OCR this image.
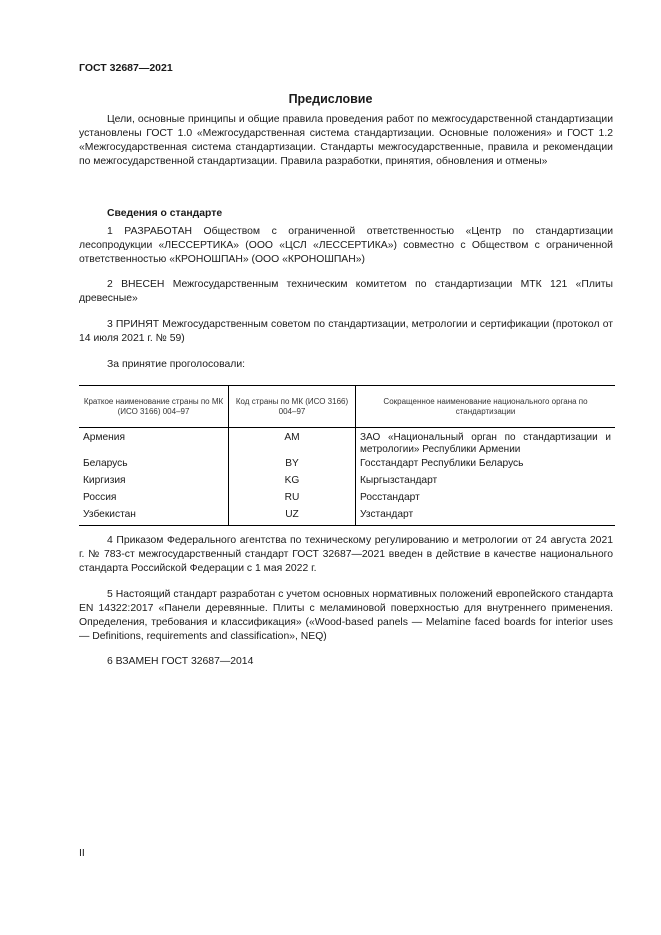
ГОСТ 32687—2021
Предисловие
Цели, основные принципы и общие правила проведения работ по межгосударственной стандартизации установлены ГОСТ 1.0 «Межгосударственная система стандартизации. Основные положения» и ГОСТ 1.2 «Межгосударственная система стандартизации. Стандарты межгосударственные, правила и рекомендации по межгосударственной стандартизации. Правила разработки, принятия, обновления и отмены»
Сведения о стандарте
1 РАЗРАБОТАН Обществом с ограниченной ответственностью «Центр по стандартизации лесопродукции «ЛЕССЕРТИКА» (ООО «ЦСЛ «ЛЕССЕРТИКА») совместно с Обществом с ограниченной ответственностью «КРОНОШПАН» (ООО «КРОНОШПАН»)
2 ВНЕСЕН Межгосударственным техническим комитетом по стандартизации МТК 121 «Плиты древесные»
3 ПРИНЯТ Межгосударственным советом по стандартизации, метрологии и сертификации (протокол от 14 июля 2021 г. № 59)
За принятие проголосовали:
Краткое наименование страны по МК (ИСО 3166) 004–97	Код страны по МК (ИСО 3166) 004–97	Сокращенное наименование национального органа по стандартизации
Армения	AM	ЗАО «Национальный орган по стандартизации и метрологии» Республики Армении
Беларусь	BY	Госстандарт Республики Беларусь
Киргизия	KG	Кыргызстандарт
Россия	RU	Росстандарт
Узбекистан	UZ	Узстандарт
4 Приказом Федерального агентства по техническому регулированию и метрологии от 24 августа 2021 г. № 783-ст межгосударственный стандарт ГОСТ 32687—2021 введен в действие в качестве национального стандарта Российской Федерации с 1 мая 2022 г.
5 Настоящий стандарт разработан с учетом основных нормативных положений европейского стандарта EN 14322:2017 «Панели деревянные. Плиты с меламиновой поверхностью для внутреннего применения. Определения, требования и классификация» («Wood-based panels — Melamine faced boards for interior uses — Definitions, requirements and classification», NEQ)
6 ВЗАМЕН ГОСТ 32687—2014
II
